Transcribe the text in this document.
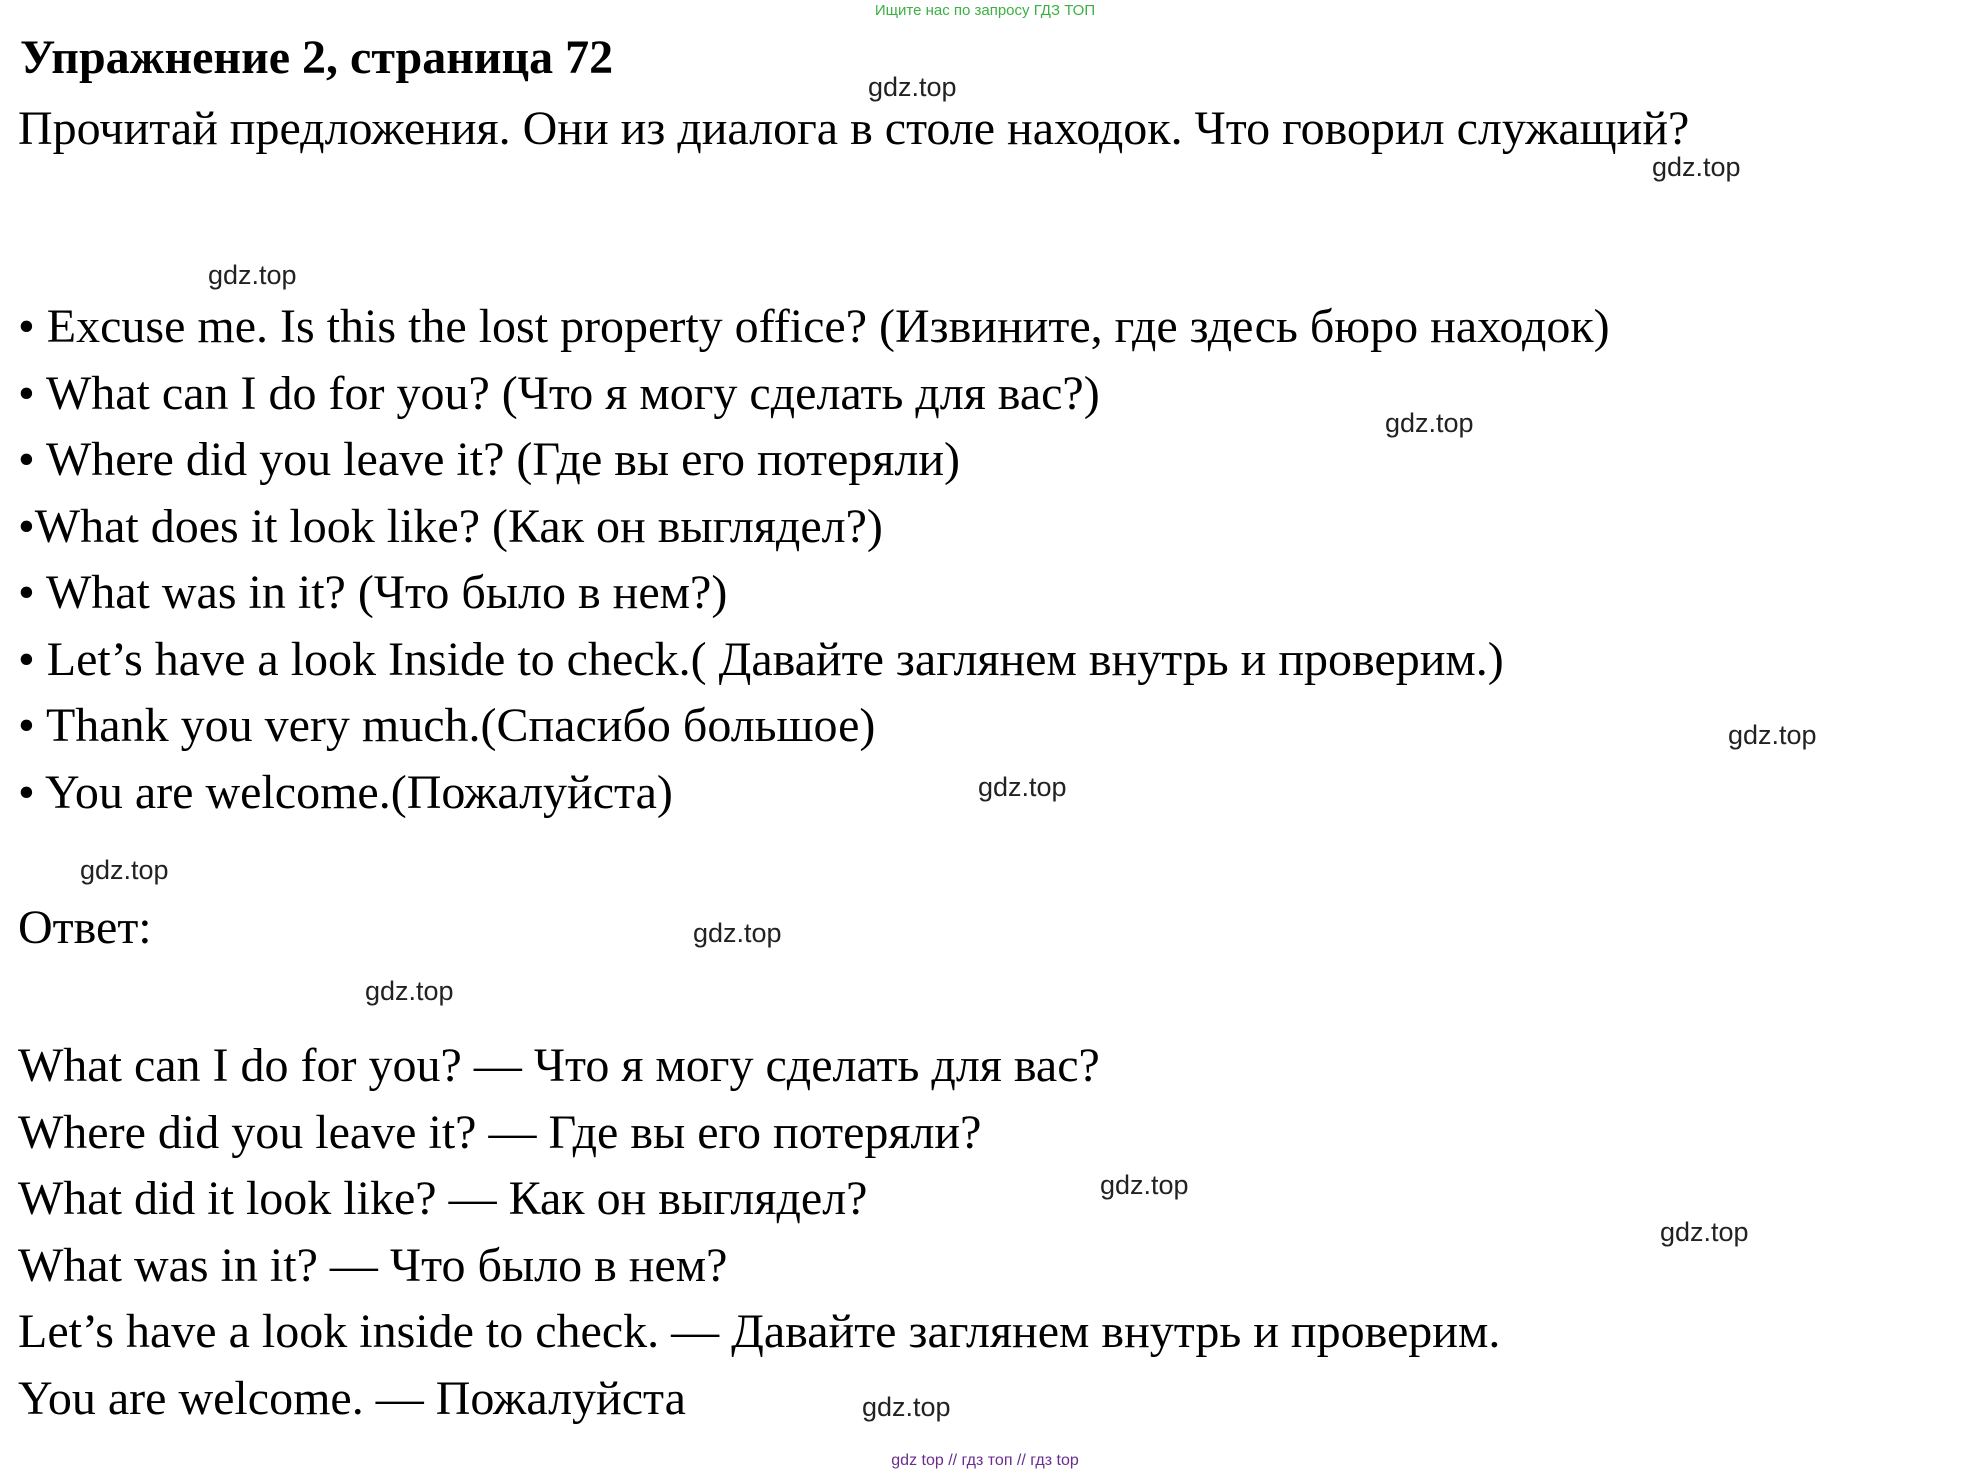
Ищите нас по запросу ГДЗ ТОП
Упражнение 2, страница 72
Прочитай предложения. Они из диалога в столе находок. Что говорил служащий?
• Excuse me. Is this the lost property office? (Извините, где здесь бюро находок)
• What can I do for you? (Что я могу сделать для вас?)
• Where did you leave it? (Где вы его потеряли)
•What does it look like? (Как он выглядел?)
• What was in it? (Что было в нем?)
• Let’s have a look Inside to check.( Давайте заглянем внутрь и проверим.)
• Thank you very much.(Спасибо большое)
• You are welcome.(Пожалуйста)
Ответ:
What can I do for you? — Что я могу сделать для вас?
Where did you leave it? — Где вы его потеряли?
What did it look like? — Как он выглядел?
What was in it? — Что было в нем?
Let’s have a look inside to check. — Давайте заглянем внутрь и проверим.
You are welcome. — Пожалуйста
gdz.top
gdz.top
gdz.top
gdz.top
gdz.top
gdz.top
gdz.top
gdz.top
gdz.top
gdz.top
gdz.top
gdz.top
gdz top // гдз топ // гдз top
